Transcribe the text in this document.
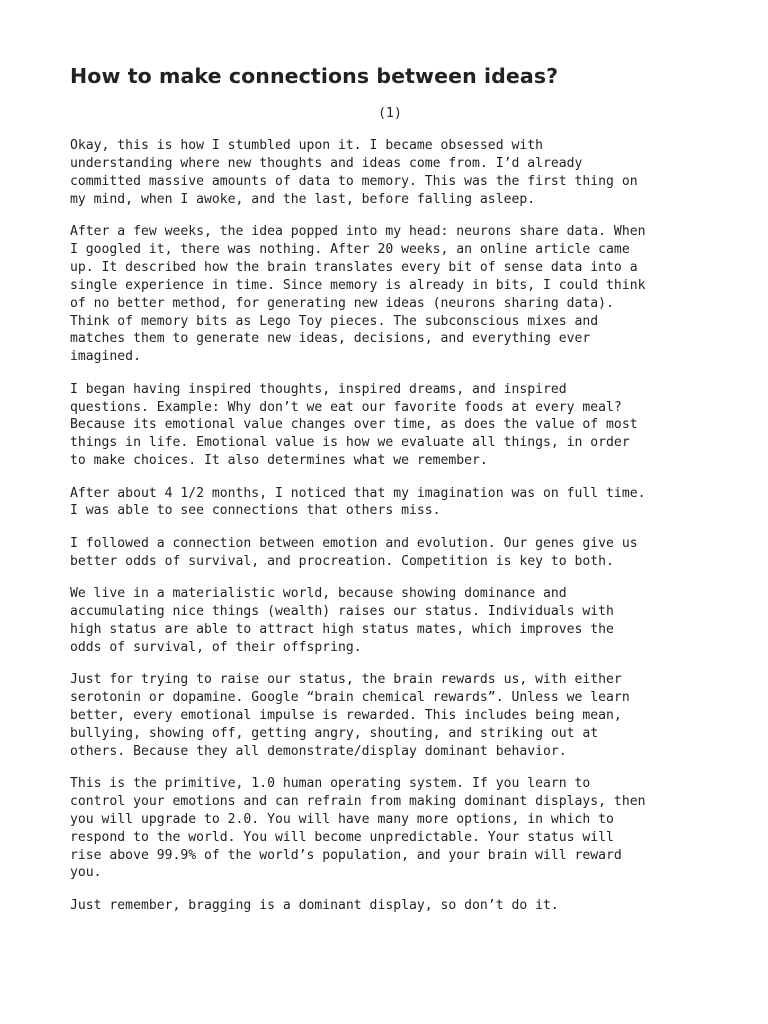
How to make connections between ideas?
(1)

Okay, this is how I stumbled upon it. I became obsessed with
understanding where new thoughts and ideas come from. I’d already
committed massive amounts of data to memory. This was the first thing on
my mind, when I awoke, and the last, before falling asleep.

After a few weeks, the idea popped into my head: neurons share data. When
I googled it, there was nothing. After 20 weeks, an online article came
up. It described how the brain translates every bit of sense data into a
single experience in time. Since memory is already in bits, I could think
of no better method, for generating new ideas (neurons sharing data).
Think of memory bits as Lego Toy pieces. The subconscious mixes and
matches them to generate new ideas, decisions, and everything ever
imagined.

I began having inspired thoughts, inspired dreams, and inspired
questions. Example: Why don’t we eat our favorite foods at every meal?
Because its emotional value changes over time, as does the value of most
things in life. Emotional value is how we evaluate all things, in order
to make choices. It also determines what we remember.

After about 4 1/2 months, I noticed that my imagination was on full time.
I was able to see connections that others miss.

I followed a connection between emotion and evolution. Our genes give us
better odds of survival, and procreation. Competition is key to both.

We live in a materialistic world, because showing dominance and
accumulating nice things (wealth) raises our status. Individuals with
high status are able to attract high status mates, which improves the
odds of survival, of their offspring.

Just for trying to raise our status, the brain rewards us, with either
serotonin or dopamine. Google “brain chemical rewards”. Unless we learn
better, every emotional impulse is rewarded. This includes being mean,
bullying, showing off, getting angry, shouting, and striking out at
others. Because they all demonstrate/display dominant behavior.

This is the primitive, 1.0 human operating system. If you learn to
control your emotions and can refrain from making dominant displays, then
you will upgrade to 2.0. You will have many more options, in which to
respond to the world. You will become unpredictable. Your status will
rise above 99.9% of the world’s population, and your brain will reward
you.

Just remember, bragging is a dominant display, so don’t do it.
